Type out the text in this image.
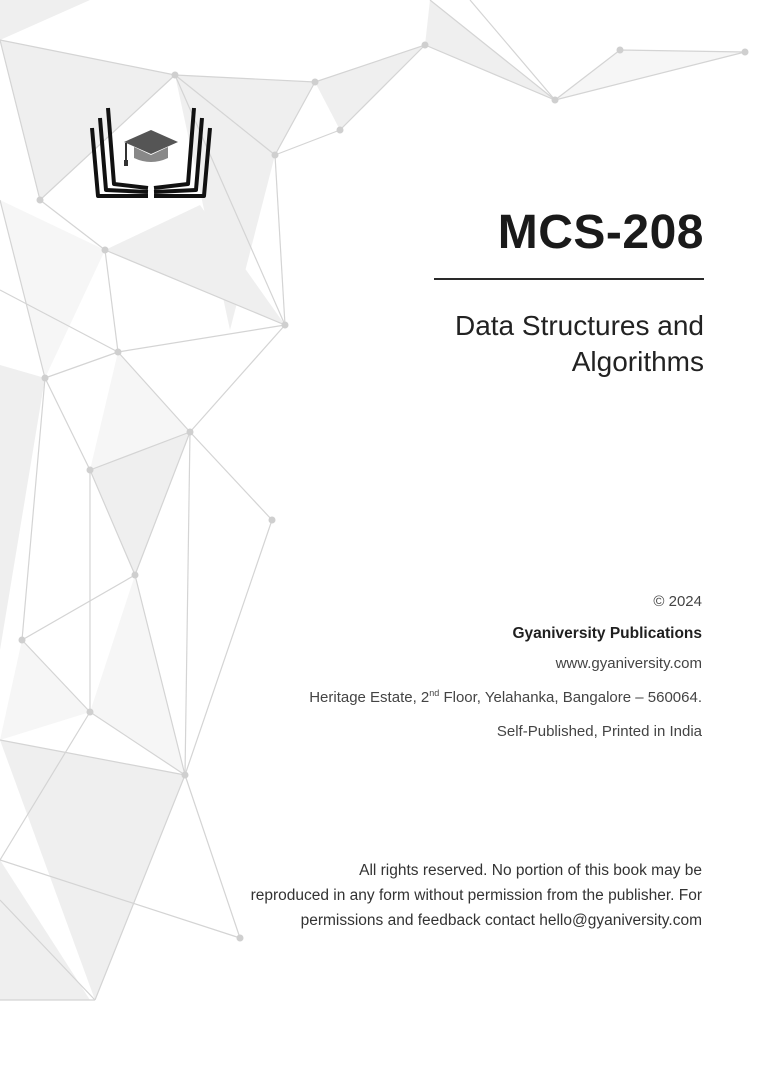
MCS-208
Data Structures and
Algorithms
© 2024
Gyaniversity Publications
www.gyaniversity.com
Heritage Estate, 2nd Floor, Yelahanka, Bangalore – 560064.
Self-Published, Printed in India
All rights reserved. No portion of this book may be
reproduced in any form without permission from the publisher. For
permissions and feedback contact hello@gyaniversity.com
